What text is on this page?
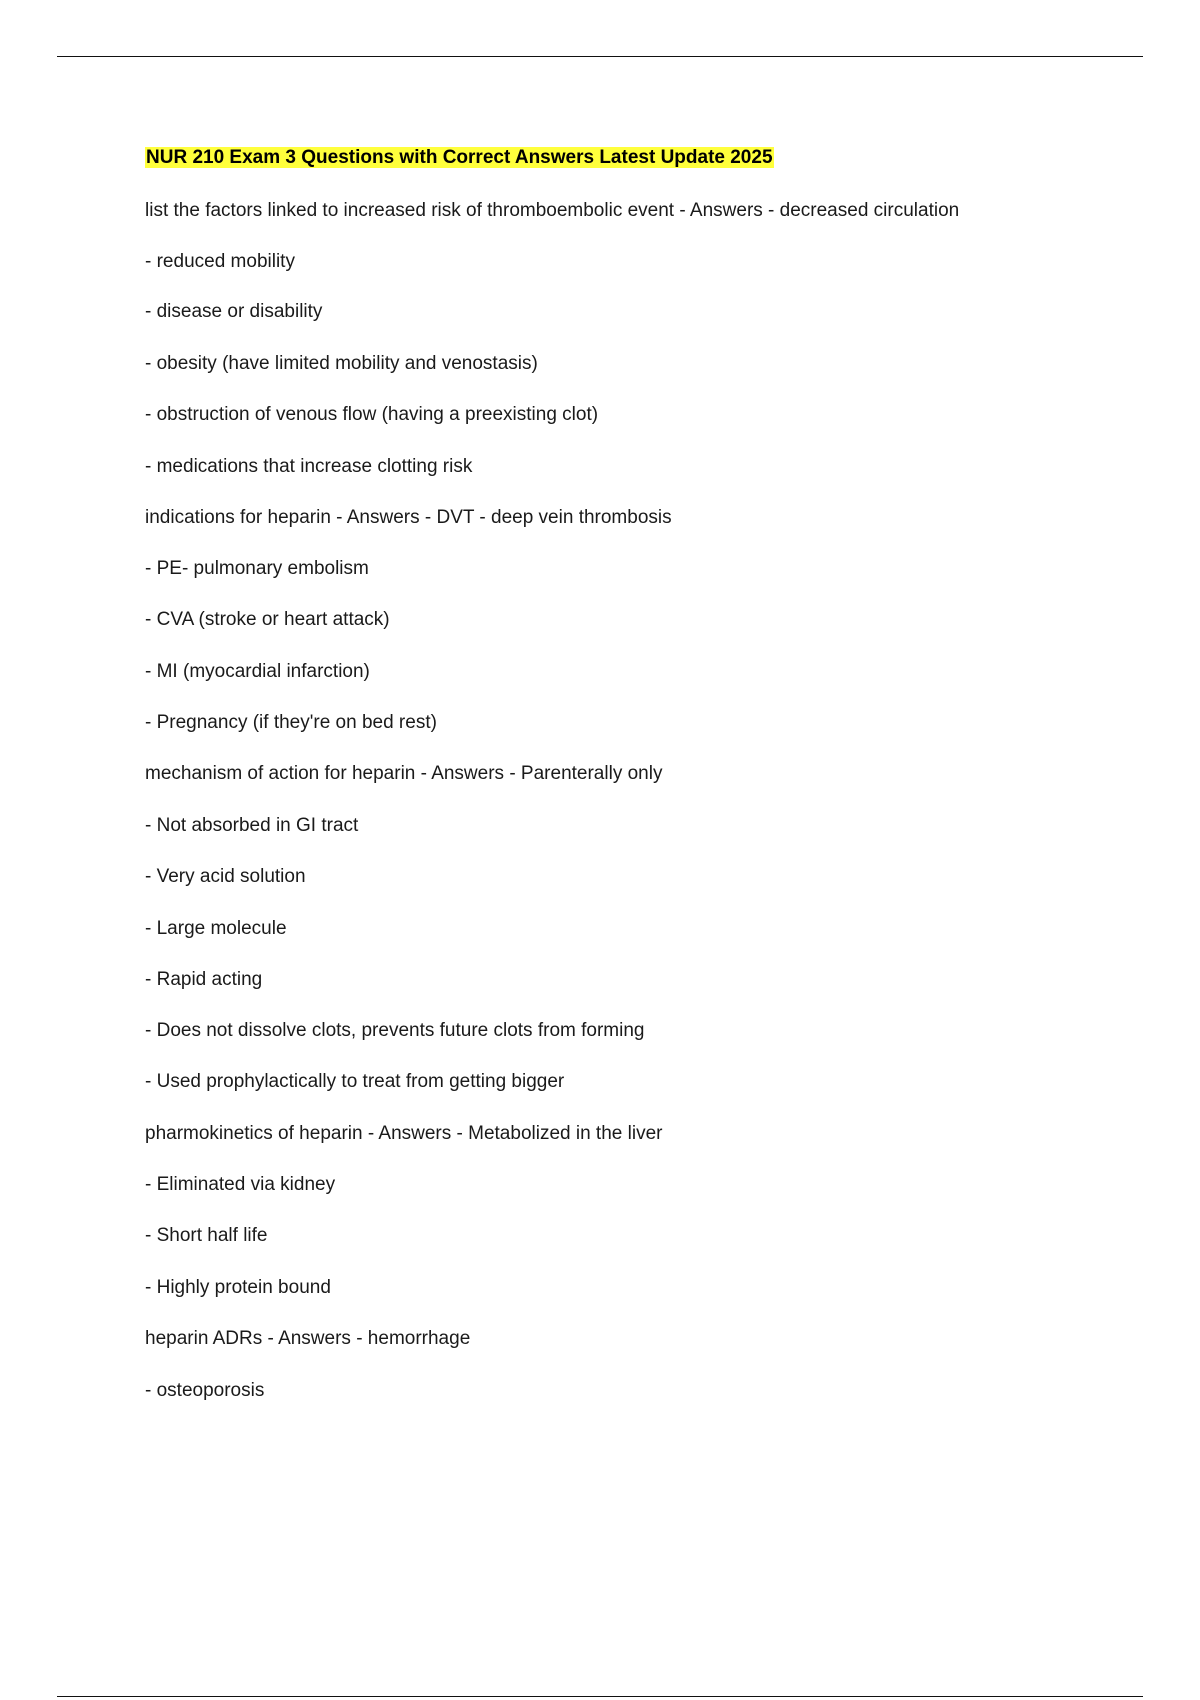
NUR 210 Exam 3 Questions with Correct Answers Latest Update 2025
list the factors linked to increased risk of thromboembolic event - Answers - decreased circulation
- reduced mobility
- disease or disability
- obesity (have limited mobility and venostasis)
- obstruction of venous flow (having a preexisting clot)
- medications that increase clotting risk
indications for heparin - Answers - DVT - deep vein thrombosis
- PE- pulmonary embolism
- CVA (stroke or heart attack)
- MI (myocardial infarction)
- Pregnancy (if they're on bed rest)
mechanism of action for heparin - Answers - Parenterally only
- Not absorbed in GI tract
- Very acid solution
- Large molecule
- Rapid acting
- Does not dissolve clots, prevents future clots from forming
- Used prophylactically to treat from getting bigger
pharmokinetics of heparin - Answers - Metabolized in the liver
- Eliminated via kidney
- Short half life
- Highly protein bound
heparin ADRs - Answers - hemorrhage
- osteoporosis
